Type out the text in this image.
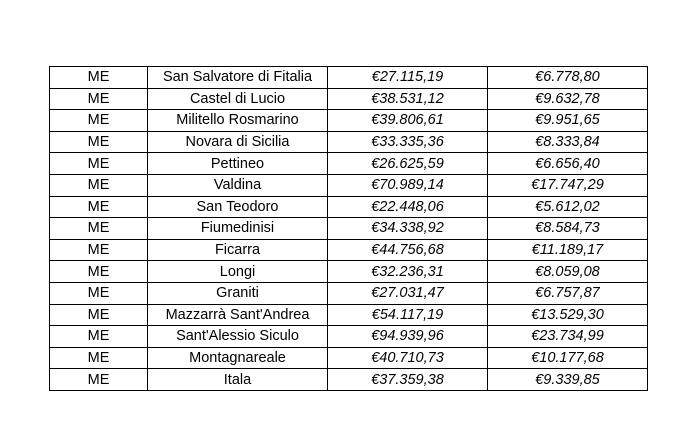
ME	San Salvatore di Fitalia	€27.115,19	€6.778,80
ME	Castel di Lucio	€38.531,12	€9.632,78
ME	Militello Rosmarino	€39.806,61	€9.951,65
ME	Novara di Sicilia	€33.335,36	€8.333,84
ME	Pettineo	€26.625,59	€6.656,40
ME	Valdina	€70.989,14	€17.747,29
ME	San Teodoro	€22.448,06	€5.612,02
ME	Fiumedinisi	€34.338,92	€8.584,73
ME	Ficarra	€44.756,68	€11.189,17
ME	Longi	€32.236,31	€8.059,08
ME	Graniti	€27.031,47	€6.757,87
ME	Mazzarrà Sant'Andrea	€54.117,19	€13.529,30
ME	Sant'Alessio Siculo	€94.939,96	€23.734,99
ME	Montagnareale	€40.710,73	€10.177,68
ME	Itala	€37.359,38	€9.339,85
